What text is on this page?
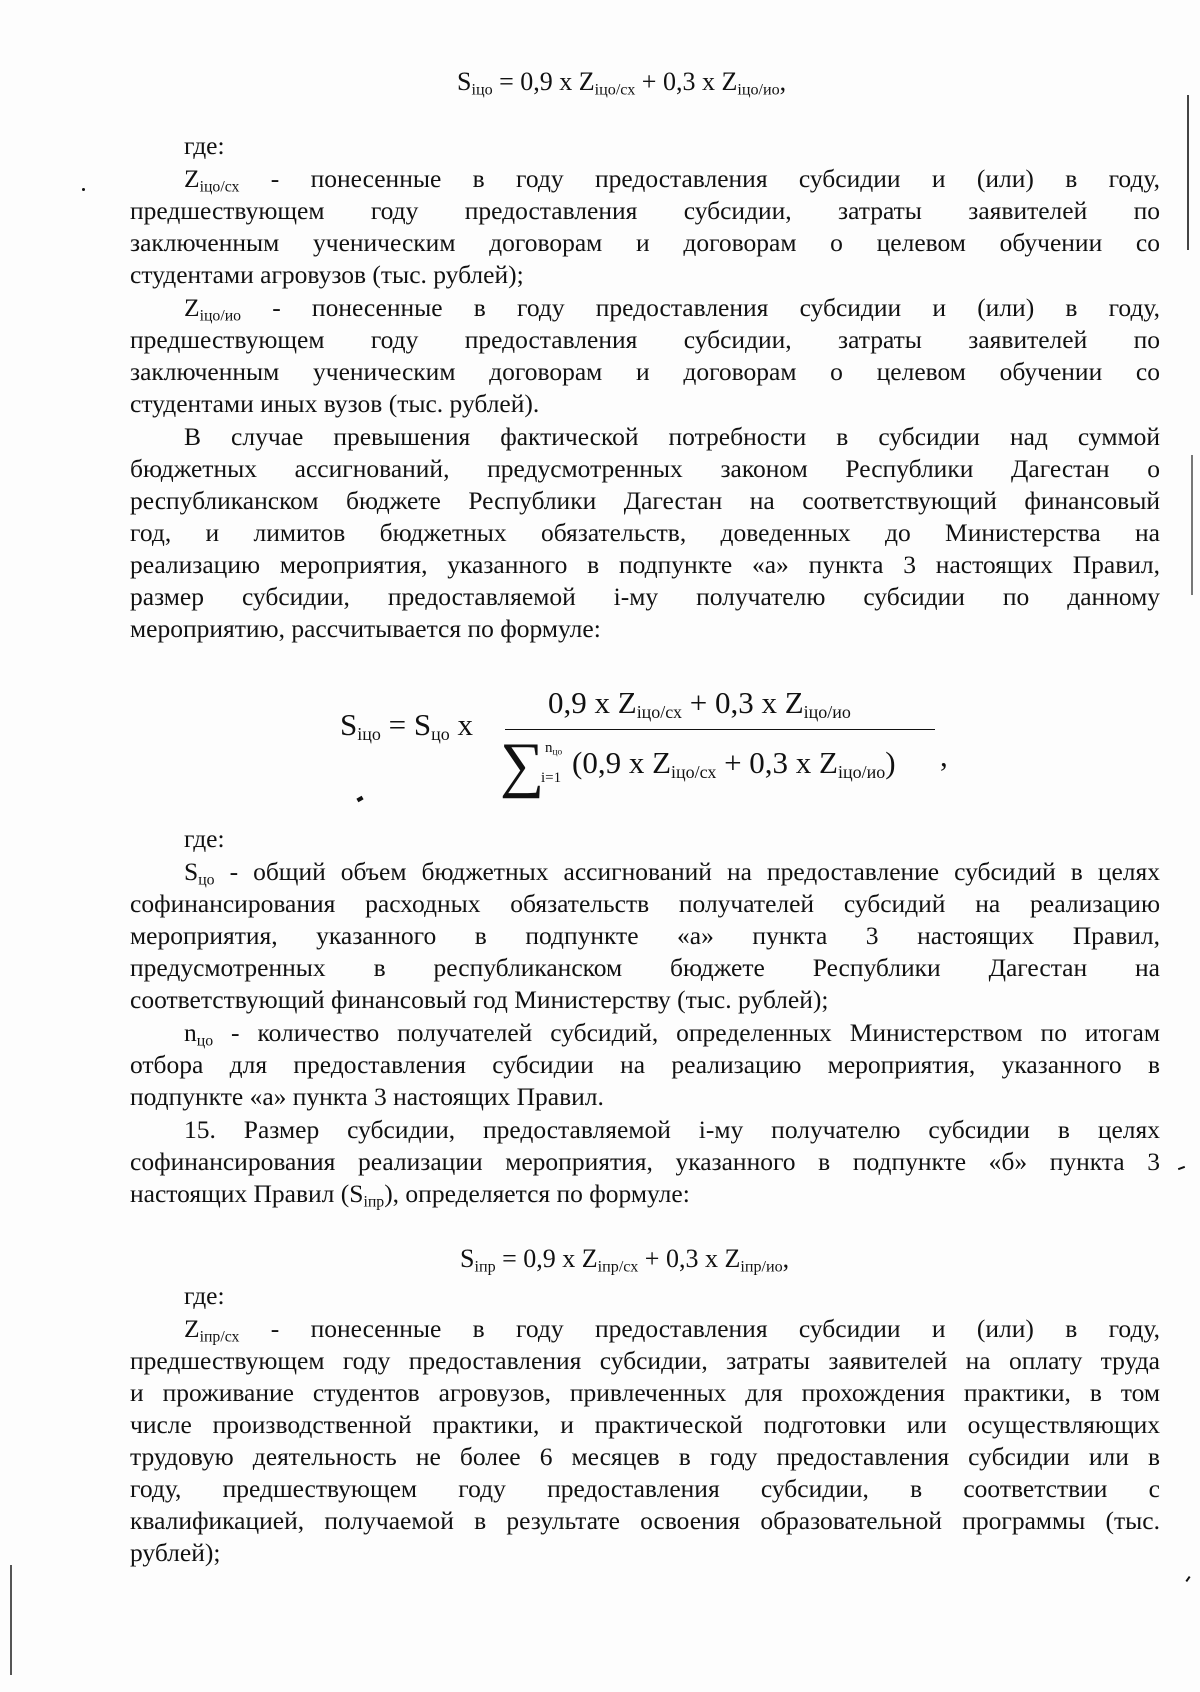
$S_{іцо} = 0,9$ х $Z_{іцо/сх} + 0,3$ х $Z_{іцо/ио}$,
где:
$Z_{іцо/сх}$ - понесенные в году предоставления субсидии и (или) в году,
предшествующем году предоставления субсидии, затраты заявителей по
заключенным ученическим договорам и договорам о целевом обучении со
студентами агровузов (тыс. рублей);
$Z_{іцо/ио}$ - понесенные в году предоставления субсидии и (или) в году,
предшествующем году предоставления субсидии, затраты заявителей по
заключенным ученическим договорам и договорам о целевом обучении со
студентами иных вузов (тыс. рублей).
В случае превышения фактической потребности в субсидии над суммой
бюджетных ассигнований, предусмотренных законом Республики Дагестан о
республиканском бюджете Республики Дагестан на соответствующий финансовый
год, и лимитов бюджетных обязательств, доведенных до Министерства на
реализацию мероприятия, указанного в подпункте «а» пункта 3 настоящих Правил,
размер субсидии, предоставляемой і-му получателю субсидии по данному
мероприятию, рассчитывается по формуле:
$S_{іцо} = S_{цо}$ х
0,9 х $Z_{іцо/сх} + 0,3$ х $Z_{іцо/ио}$
∑ $n_{цо}$
i=1 (0,9 х $Z_{іцо/сх} + 0,3$ х $Z_{іцо/ио}$) ,
где:
$S_{цо}$ - общий объем бюджетных ассигнований на предоставление субсидий в целях
софинансирования расходных обязательств получателей субсидий на реализацию
мероприятия, указанного в подпункте «а» пункта 3 настоящих Правил,
предусмотренных в республиканском бюджете Республики Дагестан на
соответствующий финансовый год Министерству (тыс. рублей);
$n_{цо}$ - количество получателей субсидий, определенных Министерством по итогам
отбора для предоставления субсидии на реализацию мероприятия, указанного в
подпункте «а» пункта 3 настоящих Правил.
15. Размер субсидии, предоставляемой і-му получателю субсидии в целях
софинансирования реализации мероприятия, указанного в подпункте «б» пункта 3
настоящих Правил $(S_{іпр})$, определяется по формуле:
$S_{іпр} = 0,9$ х $Z_{іпр/сх} + 0,3$ х $Z_{іпр/ио}$,
где:
$Z_{іпр/сх}$ - понесенные в году предоставления субсидии и (или) в году,
предшествующем году предоставления субсидии, затраты заявителей на оплату труда
и проживание студентов агровузов, привлеченных для прохождения практики, в том
числе производственной практики, и практической подготовки или осуществляющих
трудовую деятельность не более 6 месяцев в году предоставления субсидии или в
году, предшествующем году предоставления субсидии, в соответствии с
квалификацией, получаемой в результате освоения образовательной программы (тыс.
рублей);
